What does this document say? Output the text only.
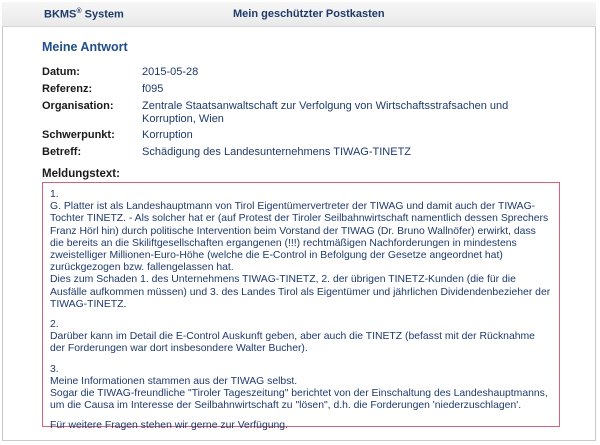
BKMS® System	Mein geschützter Postkasten
Meine Antwort
Datum:	2015-05-28
Referenz:	f095
Organisation:	Zentrale Staatsanwaltschaft zur Verfolgung von Wirtschaftsstrafsachen und Korruption, Wien
Schwerpunkt:	Korruption
Betreff:	Schädigung des Landesunternehmens TIWAG-TINETZ
Meldungstext:

1.
G. Platter ist als Landeshauptmann von Tirol Eigentümervertreter der TIWAG und damit auch der TIWAG-Tochter TINETZ. - Als solcher hat er (auf Protest der Tiroler Seilbahnwirtschaft namentlich dessen Sprechers Franz Hörl hin) durch politische Intervention beim Vorstand der TIWAG (Dr. Bruno Wallnöfer) erwirkt, dass die bereits an die Skiliftgesellschaften ergangenen (!!!) rechtmäßigen Nachforderungen in mindestens zweistelliger Millionen-Euro-Höhe (welche die E-Control in Befolgung der Gesetze angeordnet hat) zurückgezogen bzw. fallengelassen hat.
Dies zum Schaden 1. des Unternehmens TIWAG-TINETZ, 2. der übrigen TINETZ-Kunden (die für die Ausfälle aufkommen müssen) und 3. des Landes Tirol als Eigentümer und jährlichen Dividendenbezieher der TIWAG-TINETZ.

2.
Darüber kann im Detail die E-Control Auskunft geben, aber auch die TINETZ (befasst mit der Rücknahme der Forderungen war dort insbesondere Walter Bucher).

3.
Meine Informationen stammen aus der TIWAG selbst.
Sogar die TIWAG-freundliche "Tiroler Tageszeitung" berichtet von der Einschaltung des Landeshauptmanns, um die Causa im Interesse der Seilbahnwirtschaft zu "lösen", d.h. die Forderungen 'niederzuschlagen'.

Für weitere Fragen stehen wir gerne zur Verfügung.
